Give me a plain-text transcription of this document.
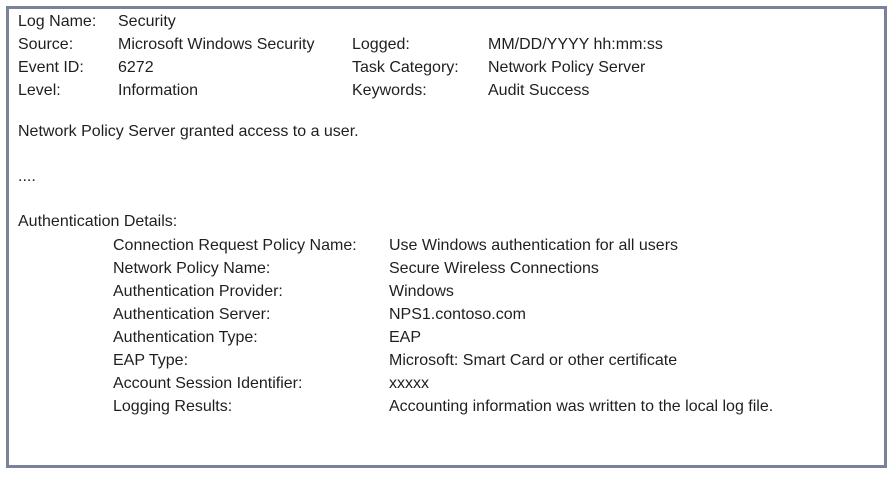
Log Name:	Security
Source:	Microsoft Windows Security	Logged:	MM/DD/YYYY hh:mm:ss
Event ID:	6272	Task Category:	Network Policy Server
Level:	Information	Keywords:	Audit Success

Network Policy Server granted access to a user.

....

Authentication Details:

Connection Request Policy Name:	Use Windows authentication for all users
Network Policy Name:	Secure Wireless Connections
Authentication Provider:	Windows
Authentication Server:	NPS1.contoso.com
Authentication Type:	EAP
EAP Type:	Microsoft: Smart Card or other certificate
Account Session Identifier:	xxxxx
Logging Results:	Accounting information was written to the local log file.
